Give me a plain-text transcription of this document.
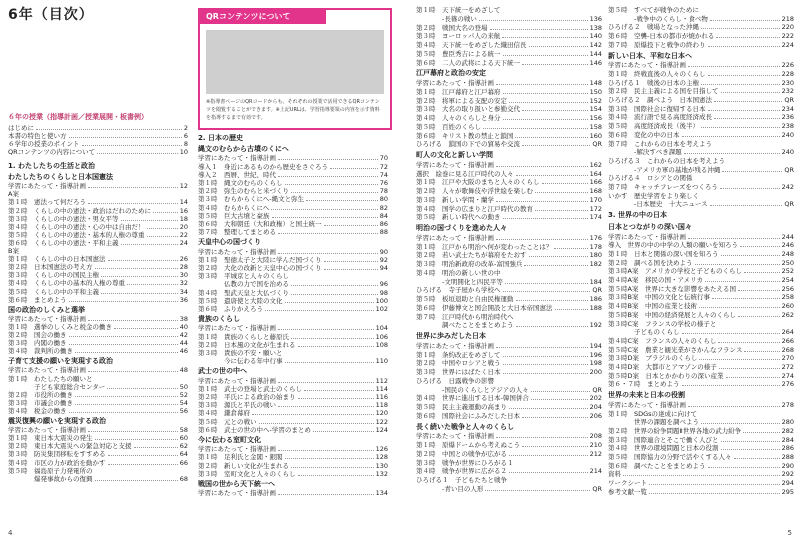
6年（目次）	QRコンテンツについて
※指導書ページのQRコードからも、それぞれの授業で活用できるQRコンテンツを閲覧することができます。※上記URLは、学習指導要領の内容を示す資料を指導するまで有効です。
６年の授業（指導計画／授業展開・板書例）
はじめに	2
本書の特色と使い方	6
６学年の授業のポイント	8
QRコンテンツの内容について	10
1. わたしたちの生活と政治
わたしたちのくらしと日本国憲法
学習にあたって・指導計画	12
A案
第１時　憲法って何だろう	14
第２時　くらしの中の憲法・政治はだれのために	16
第３時　くらしの中の憲法・男女平等	18
第４時　くらしの中の憲法・心の中は自由だ！	20
第５時　くらしの中の憲法・基本的人権の尊重	22
第６時　くらしの中の憲法・平和主義	24
B案
第１時　くらしの中の日本国憲法	26
第２時　日本国憲法の考え方	28
第３時　くらしの中の国民主権	30
第４時　くらしの中の基本的人権の尊重	32
第５時　くらしの中の平和主義	34
第６時　まとめよう	36
国の政治のしくみと選挙
学習にあたって・指導計画	38
第１時　選挙のしくみと税金の働き	40
第２時　国会の働き	42
第３時　内閣の働き	44
第４時　裁判所の働き	46
子育て支援の願いを実現する政治
学習にあたって・指導計画	48
第１時　わたしたちの願いと
　　　　子ども家庭総合センター	50
第２時　市役所の働き	52
第３時　市議会の働き	54
第４時　税金の働き	56
震災復興の願いを実現する政治
学習にあたって・指導計画	58
第１時　東日本大震災の発生	60
第２時　東日本大震災への緊急対応と支援	62
第３時　防災集団移転をすすめる	64
第４時　市区の力が政治を動かす	66
第５時　福島原子力発電所の
　　　　爆発事故からの復興	68
2. 日本の歴史
縄文のむらから古墳のくにへ
学習にあたって・指導計画	70
導入１　身近にあるものから歴史をさぐろう	72
導入２　西暦、世紀、時代	74
第１時　縄文のむらのくらし	76
第２時　弥生のむらと米づくり	78
第３時　むらからくにへ-縄文と弥生	80
第４時　むらからくにへ	82
第５時　巨大古墳と豪族	84
第６時　大和朝廷（大和政権）と国土統一	86
第７時　整理してまとめる	88
天皇中心の国づくり
学習にあたって・指導計画	90
第１時　聖徳太子と大陸に学んだ国づくり	92
第２時　大化の改新と天皇中心の国づくり	94
第３時　平城京と人々のくらし
　　　　仏教の力で国を治める	96
第４時　聖武天皇と大仏づくり	98
第５時　遣唐使と大陸の文化	100
第６時　ふりかえろう	102
貴族のくらし
学習にあたって・指導計画	104
第１時　貴族のくらしと藤原氏	106
第２時　日本風の文化が生まれる	108
第３時　貴族の不安・願いと
　　　　今に伝わる年中行事	110
武士の世の中へ
学習にあたって・指導計画	112
第１時　武士の登場と武士のくらし	114
第２時　平氏による政治の始まり	116
第３時　源氏と平氏の戦い	118
第４時　鎌倉幕府	120
第５時　元との戦い	122
第６時　武士の世の中へ-学習のまとめ	124
今に伝わる室町文化
学習にあたって・指導計画	126
第１時　足利氏と金閣・銀閣	128
第２時　新しい文化が生まれる	130
第３時　室町文化と人々のくらし	132
戦国の世から天下統一へ
学習にあたって・指導計画	134
4
第１時　天下統一をめざして
　　　　-長篠の戦い	136
第２時　戦国大名の登場	138
第３時　ヨーロッパ人の来航	140
第４時　天下統一をめざした織田信長	142
第５時　豊臣秀吉による統一	144
第６時　二人の武将による天下統一	146
江戸幕府と政治の安定
学習にあたって・指導計画	148
第１時　江戸幕府と江戸幕府	150
第２時　将軍による支配の安定	152
第３時　大名の取り扱いと参勤交代	154
第４時　人々のくらしと身分	156
第５時　百姓のくらし	158
第６時　キリスト教の禁止と鎖国	160
ひろげる　鎖国の下での貿易や交流	QR
町人の文化と新しい学問
学習にあたって・指導計画	162
選択　絵巻に見る江戸時代の人々	164
第１時　江戸や大阪のまちと人々のくらし	166
第２時　人々が歌舞伎や浮世絵を楽しむ	168
第３時　新しい学問・蘭学	170
第４時　国学の広まりと江戸時代の教育	172
第５時　新しい時代への動き	174
明治の国づくりを進めた人々
学習にあたって・指導計画	176
第１時　江戸から明治へ何が変わったことは？	178
第２時　若い武士たちが幕府をたおす	180
第３時　明治新政府の改革-富国強兵	182
第４時　明治の新しい世の中
　　　　-文明開化と四民平等	184
ひろげる　寺子屋から学校へ	QR
第５時　板垣退助と自由民権運動	186
第６時　伊藤博文と国会開設と大日本帝国憲法	188
第７時　江戸時代から明治時代へ
　　　　調べたことをまとめよう	192
世界に歩みだした日本
学習にあたって・指導計画	194
第１時　条約改正をめざして	196
第２時　中国やロシアと戦う	198
第３時　世界にはばたく日本	200
ひろげる　日露戦争の影響
　　　　-国民のくらしとアジアの人々	QR
第４時　世界に進出する日本-韓国併合	202
第５時　民主主義運動の高まり	204
第６時　国際社会にふみだした日本	206
長く続いた戦争と人々のくらし
学習にあたって・指導計画	208
第１時　原爆ドームから考えぬこう	210
第２時　中国との戦争が広がる	212
第３時　戦争が世界にひろがる１
第４時　戦争が世界に広がる２	214
ひろげる１　子どもたちと戦争
　　　　-青い目の人形	QR
第５時　すべてが戦争のために
　　　　-戦争中のくらし・食べ物	218
ひろげる２　戦場となった沖縄	220
第６時　空襲-日本の都市が焼かれる	222
第７時　原爆投下と戦争の終わり	224
新しい日本、平和な日本へ
学習にあたって・指導計画	226
第１時　終戦直後の人々のくらし	228
ひろげる１　戦後の日本の主権	230
第２時　民主主義による国を目指して	232
ひろげる２　調べよう　日本国憲法	QR
第３時　国際社会に復帰する日本	234
第４時　流行語で見る高度経済成長	236
第５時　高度経済成長（後半）	238
第６時　変化の中の日本	240
第７時　これからの日本を考えよう
　　　　-解決すべき課題	240
ひろげる３　これからの日本を考えよう
　　　　-アメリカ軍の基地が残る沖縄	QR
ひろげる４　ロシアとの関係
第７時　キャッチフレーズをつくろう	242
いかす　歴史学習をより楽しく
　　　　-日本歴史　十大ニュース	QR
3. 世界の中の日本
日本とつながりの深い国々
学習にあたって・指導計画	244
導入　世界の中の中学の人類の願いを知ろう	246
第１時　日本と関係の深い国を知ろう	248
第２時　調べる国を決めよう	250
第３時A案　アメリカの学校と子どものくらし	252
第４時A案　移民の国・アメリカ	254
第５時A案　世界に大きな影響をあたえる国	256
第３時B案　中国の文化と伝統行事	258
第４時B案　中国の産業と技術	260
第５時B案　中国の経済発展と人々のくらし	262
第３時C案　フランスの学校の様子と
　　　　子どものくらし	264
第４時C案　フランスの人々のくらし	266
第５時C案　農業と観光業がさかんなフランス	268
第３時D案　ブラジルのくらし	270
第４時D案　大都市とアマゾンの様子	272
第５時D案　日本とかかわりの深い産業	274
第６・７時　まとめよう	276
世界の未来と日本の役割
学習にあたって・指導計画	278
第１時　SDGsの達成に向けて
　　　　世界の課題を調べよう	280
第２時　世界の紛争問題Ⅱ世界各地の武力紛争	282
第３時　国際連合とそこで働く人びと	284
第４時　世界の環境問題と日本の役割	286
第５時　国際協力の分野で活やくする人々	288
第６時　調べたことをまとめよう	290
資料	292
ワークシート	294
参考文献一覧	295
5
